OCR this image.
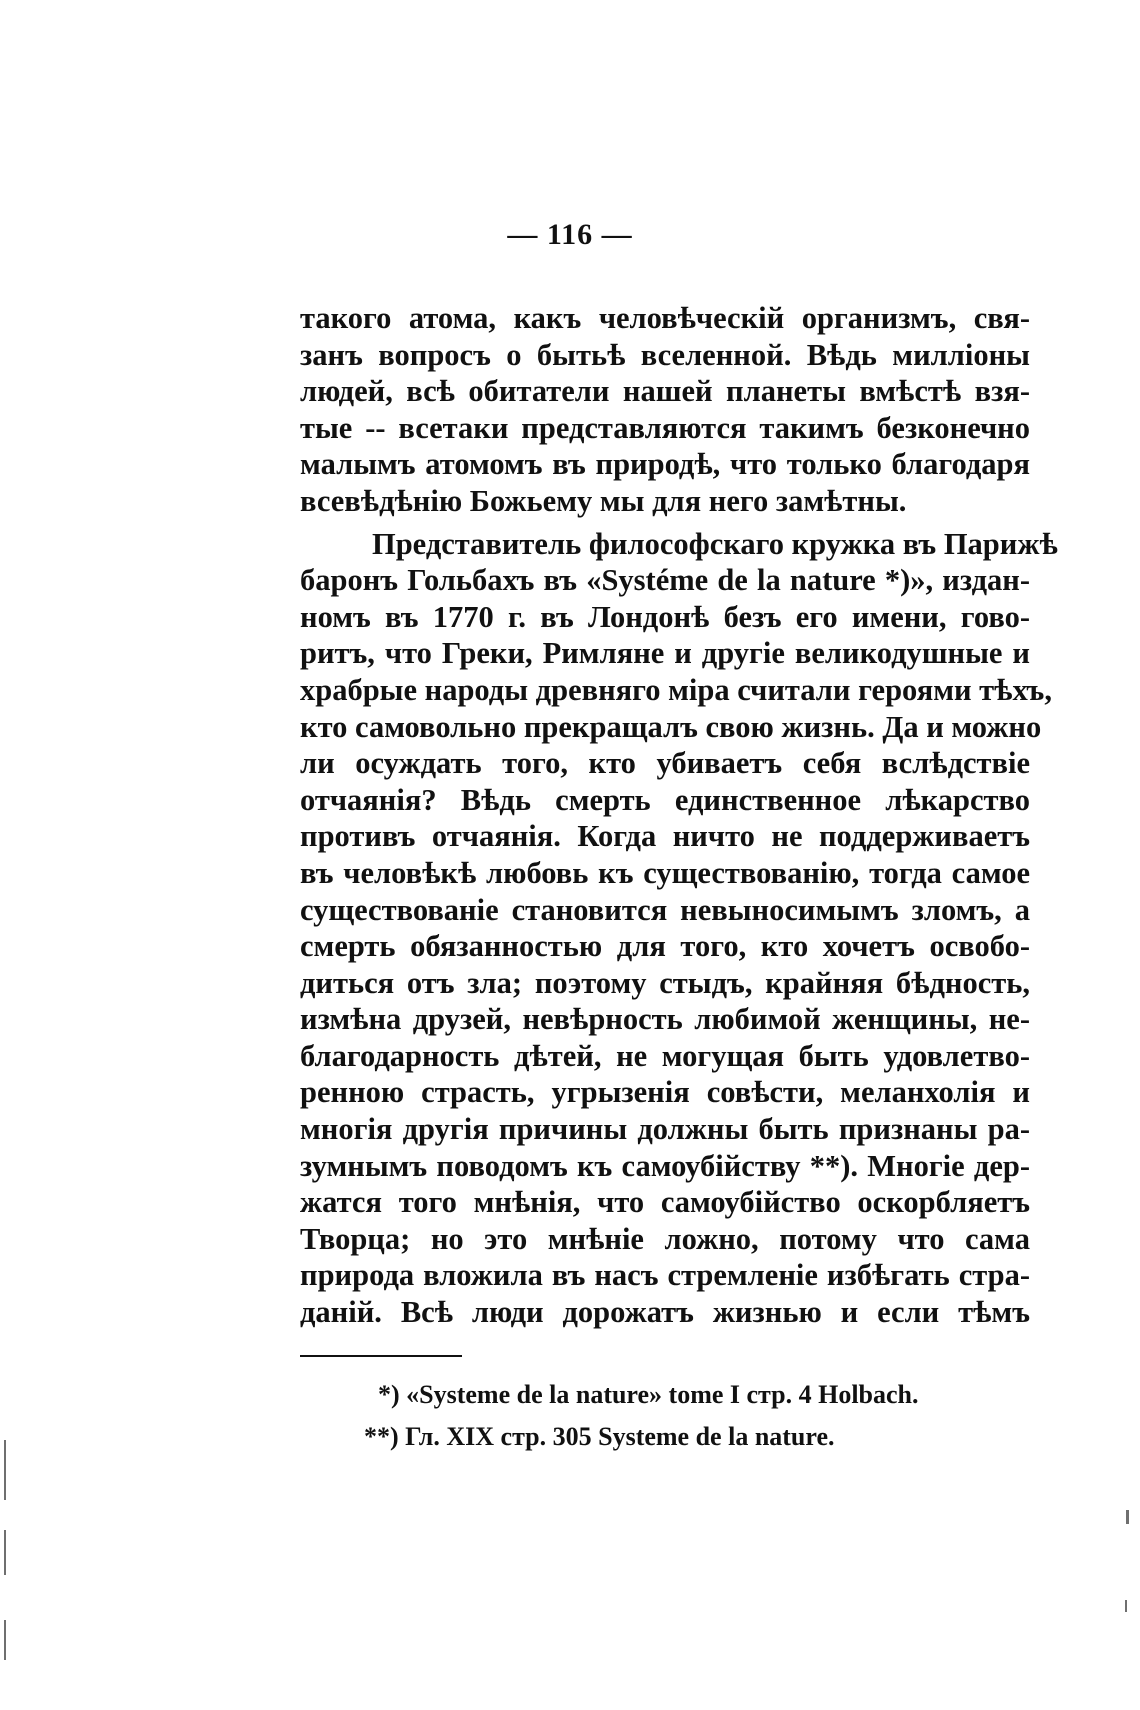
— 116 —
такого атома, какъ человѣческій организмъ, свя-
занъ вопросъ о бытьѣ вселенной. Вѣдь милліоны
людей, всѣ обитатели нашей планеты вмѣстѣ взя-
тые -- всетаки представляются такимъ безконечно
малымъ атомомъ въ природѣ, что только благодаря
всевѣдѣнію Божьему мы для него замѣтны.
Представитель философскаго кружка въ Парижѣ
баронъ Гольбахъ въ «Systéme de la nature *)», издан-
номъ въ 1770 г. въ Лондонѣ безъ его имени, гово-
ритъ, что Греки, Римляне и другіе великодушные и
храбрые народы древняго міра считали героями тѣхъ,
кто самовольно прекращалъ свою жизнь. Да и можно
ли осуждать того, кто убиваетъ себя вслѣдствіе
отчаянія? Вѣдь смерть единственное лѣкарство
противъ отчаянія. Когда ничто не поддерживаетъ
въ человѣкѣ любовь къ существованію, тогда самое
существованіе становится невыносимымъ зломъ, а
смерть обязанностью для того, кто хочетъ освобо-
диться отъ зла; поэтому стыдъ, крайняя бѣдность,
измѣна друзей, невѣрность любимой женщины, не-
благодарность дѣтей, не могущая быть удовлетво-
ренною страсть, угрызенія совѣсти, меланхолія и
многія другія причины должны быть признаны ра-
зумнымъ поводомъ къ самоубійству **). Многіе дер-
жатся того мнѣнія, что самоубійство оскорбляетъ
Творца; но это мнѣніе ложно, потому что сама
природа вложила въ насъ стремленіе избѣгать стра-
даній. Всѣ люди дорожатъ жизнью и если тѣмъ
*) «Systeme de la nature» tome I стр. 4 Holbach.
**) Гл. XIX стр. 305 Systeme de la nature.
